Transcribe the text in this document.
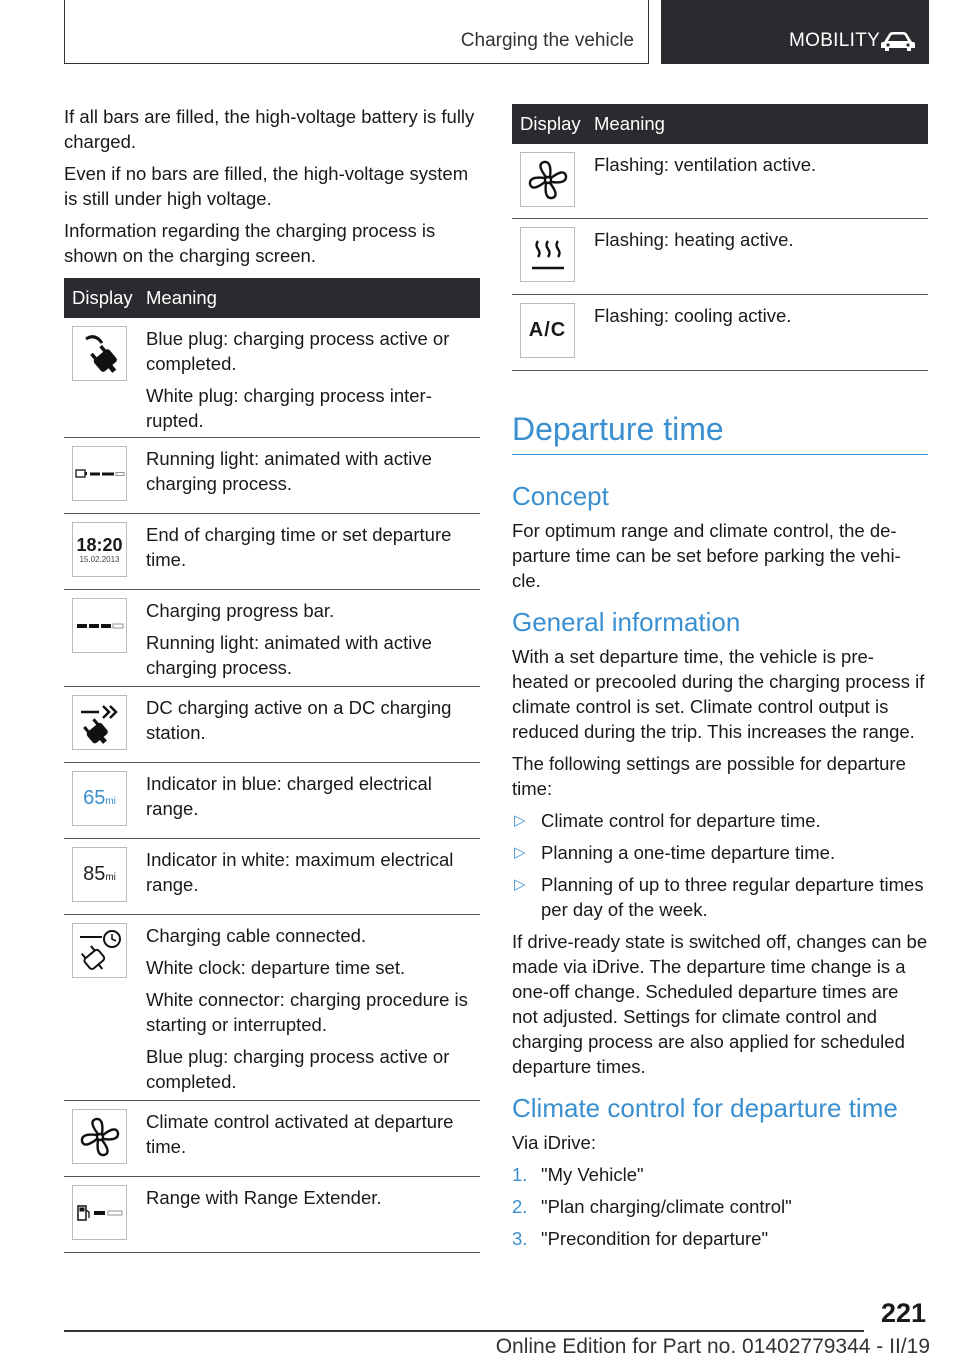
Charging the vehicle	MOBILITY

If all bars are filled, the high-voltage battery is fully charged.

Even if no bars are filled, the high-voltage system is still under high voltage.

Information regarding the charging process is shown on the charging screen.

Display Meaning

Blue plug: charging process active or completed.

White plug: charging process inter‐rupted.

Running light: animated with active charging process.

18:20
15.02.2013

End of charging time or set departure time.

Charging progress bar.

Running light: animated with active charging process.

DC charging active on a DC charging station.

65 mi

Indicator in blue: charged electrical range.

85 mi

Indicator in white: maximum electrical range.

Charging cable connected.

White clock: departure time set.

White connector: charging procedure is starting or interrupted.

Blue plug: charging process active or completed.

Climate control activated at departure time.

Range with Range Extender.

Display Meaning

Flashing: ventilation active.

Flashing: heating active.

A/C

Flashing: cooling active.

Departure time
Concept

For optimum range and climate control, the de‐parture time can be set before parking the vehi‐cle.

General information

With a set departure time, the vehicle is pre‐heated or precooled during the charging process if climate control is set. Climate control output is reduced during the trip. This increases the range.

The following settings are possible for departure time:

▷ Climate control for departure time.
▷ Planning a one-time departure time.
▷ Planning of up to three regular departure times per day of the week.

If drive-ready state is switched off, changes can be made via iDrive. The departure time change is a one-off change. Scheduled departure times are not adjusted. Settings for climate control and charging process are also applied for scheduled departure times.

Climate control for departure time

Via iDrive:

1. "My Vehicle"
2. "Plan charging/climate control"
3. "Precondition for departure"
221
Online Edition for Part no. 01402779344 - II/19
